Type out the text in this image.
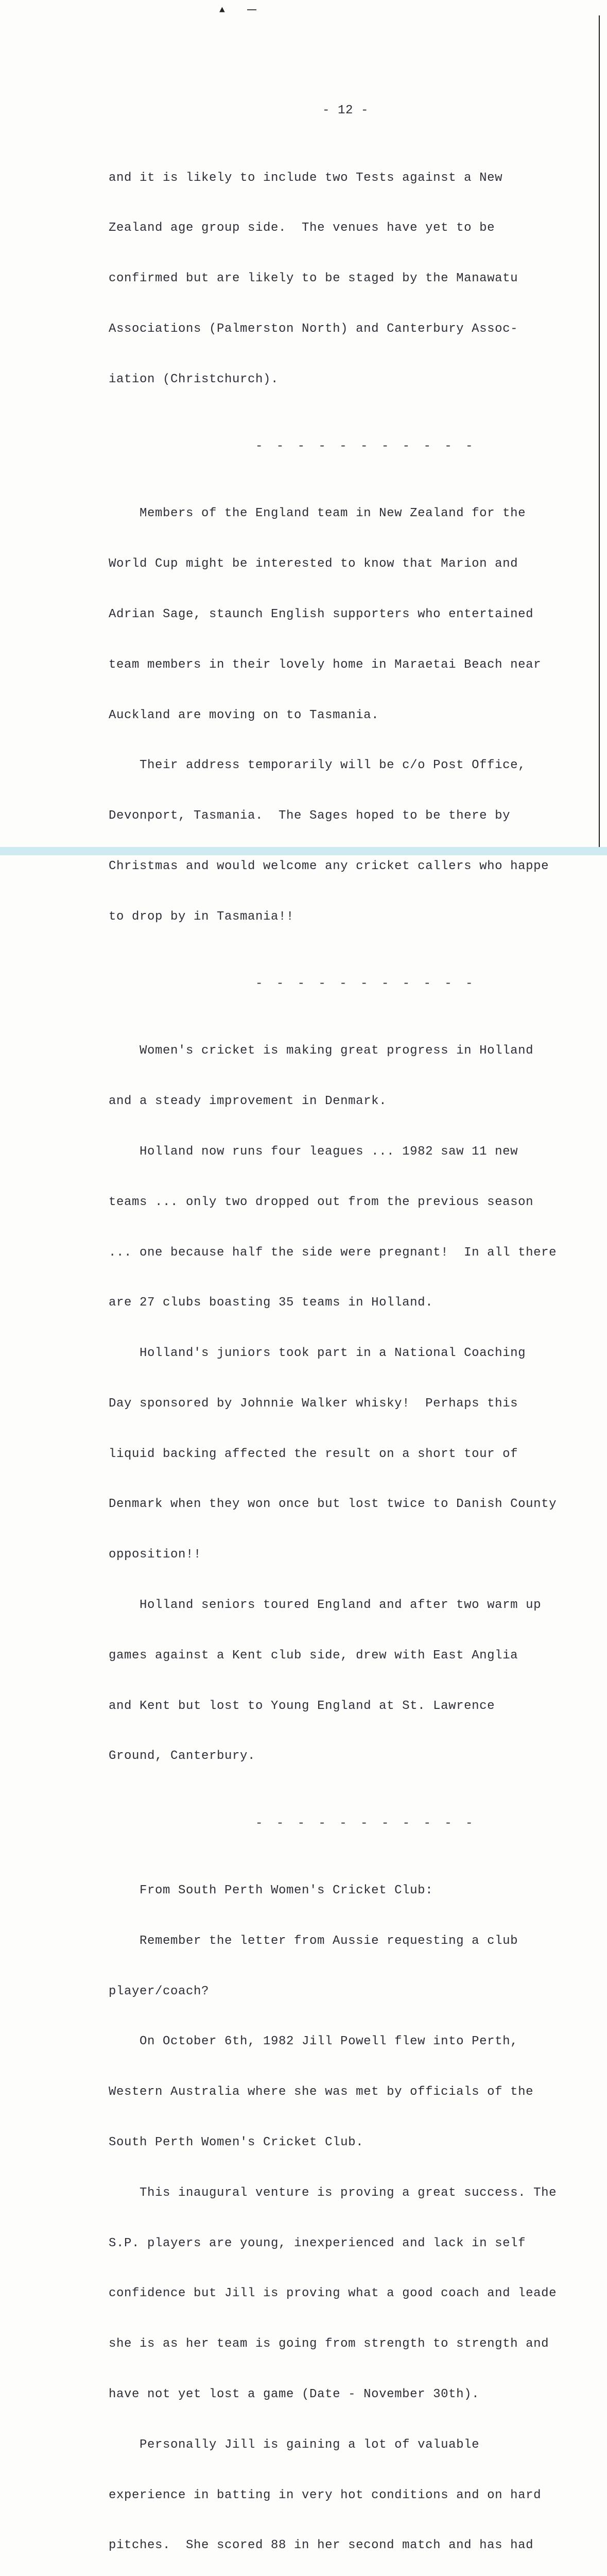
▲

- 12 -

and it is likely to include two Tests against a New

Zealand age group side.  The venues have yet to be

confirmed but are likely to be staged by the Manawatu

Associations (Palmerston North) and Canterbury Assoc-

iation (Christchurch).

- - - - - - - - - - -

Members of the England team in New Zealand for the

World Cup might be interested to know that Marion and

Adrian Sage, staunch English supporters who entertained

team members in their lovely home in Maraetai Beach near

Auckland are moving on to Tasmania.

Their address temporarily will be c/o Post Office,

Devonport, Tasmania.  The Sages hoped to be there by

Christmas and would welcome any cricket callers who happe

to drop by in Tasmania!!

- - - - - - - - - - -

Women's cricket is making great progress in Holland

and a steady improvement in Denmark.

Holland now runs four leagues ... 1982 saw 11 new

teams ... only two dropped out from the previous season

... one because half the side were pregnant!  In all there

are 27 clubs boasting 35 teams in Holland.

Holland's juniors took part in a National Coaching

Day sponsored by Johnnie Walker whisky!  Perhaps this

liquid backing affected the result on a short tour of

Denmark when they won once but lost twice to Danish County

opposition!!

Holland seniors toured England and after two warm up

games against a Kent club side, drew with East Anglia

and Kent but lost to Young England at St. Lawrence

Ground, Canterbury.

- - - - - - - - - - -

From South Perth Women's Cricket Club:

Remember the letter from Aussie requesting a club

player/coach?

On October 6th, 1982 Jill Powell flew into Perth,

Western Australia where she was met by officials of the

South Perth Women's Cricket Club.

This inaugural venture is proving a great success. The

S.P. players are young, inexperienced and lack in self

confidence but Jill is proving what a good coach and leade

she is as her team is going from strength to strength and

have not yet lost a game (Date - November 30th).

Personally Jill is gaining a lot of valuable

experience in batting in very hot conditions and on hard

pitches.  She scored 88 in her second match and has had
